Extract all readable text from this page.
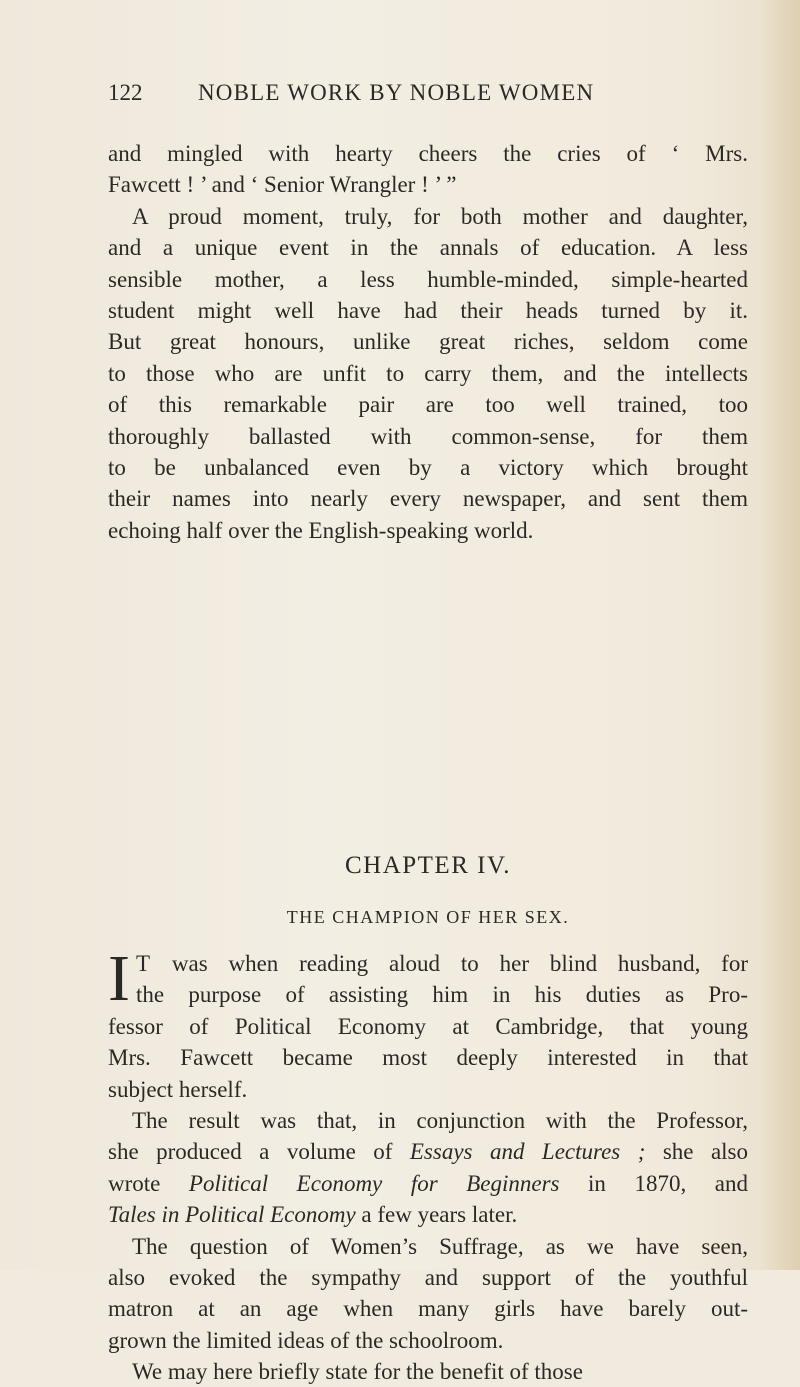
122 NOBLE WORK BY NOBLE WOMEN
and mingled with hearty cheers the cries of ‘ Mrs.
Fawcett ! ’ and ‘ Senior Wrangler ! ’ ”
A proud moment, truly, for both mother and daughter,
and a unique event in the annals of education. A less
sensible mother, a less humble-minded, simple-hearted
student might well have had their heads turned by it.
But great honours, unlike great riches, seldom come
to those who are unfit to carry them, and the intellects
of this remarkable pair are too well trained, too
thoroughly ballasted with common-sense, for them
to be unbalanced even by a victory which brought
their names into nearly every newspaper, and sent them
echoing half over the English-speaking world.
CHAPTER IV.
THE CHAMPION OF HER SEX.
I T was when reading aloud to her blind husband, for
the purpose of assisting him in his duties as Pro-
fessor of Political Economy at Cambridge, that young
Mrs. Fawcett became most deeply interested in that
subject herself.
The result was that, in conjunction with the Professor,
she produced a volume of Essays and Lectures ; she also
wrote Political Economy for Beginners in 1870, and
Tales in Political Economy a few years later.
The question of Women’s Suffrage, as we have seen,
also evoked the sympathy and support of the youthful
matron at an age when many girls have barely out-
grown the limited ideas of the schoolroom.
We may here briefly state for the benefit of those
